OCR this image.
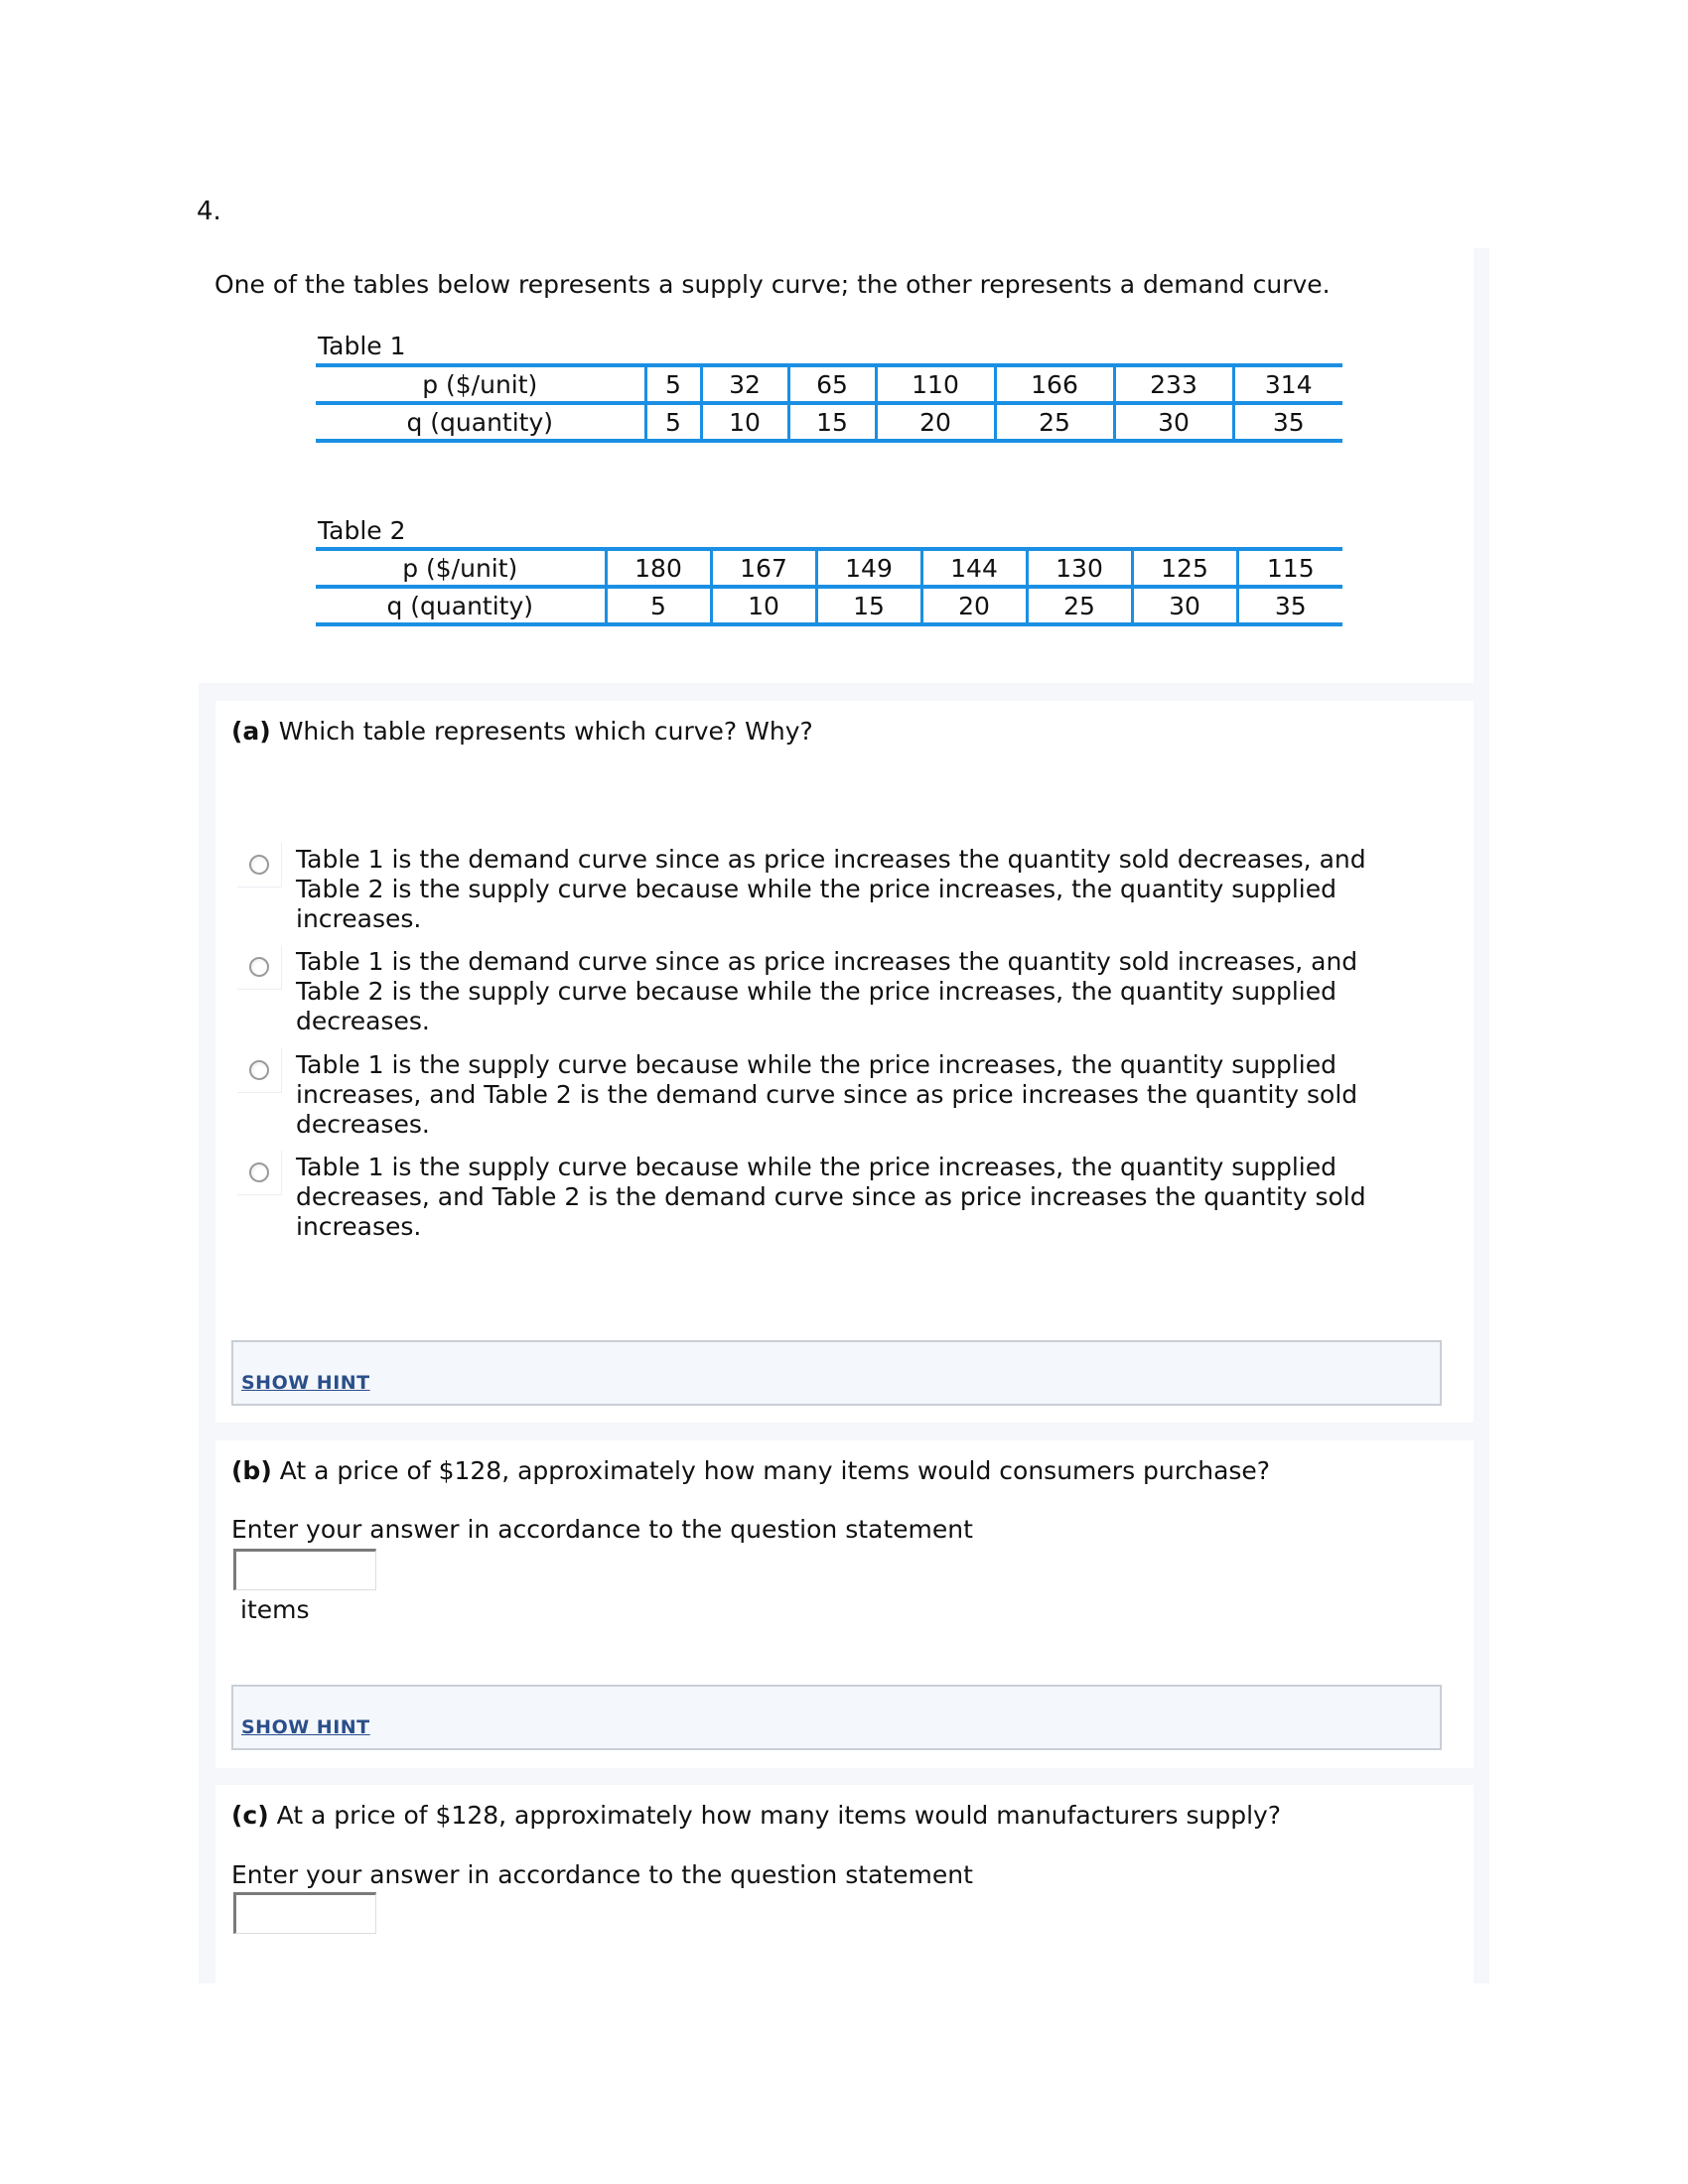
4.
One of the tables below represents a supply curve; the other represents a demand curve.
Table 1
p ($/unit)	5	32	65	110	166	233	314
q (quantity)	5	10	15	20	25	30	35
Table 2
p ($/unit)	180	167	149	144	130	125	115
q (quantity)	5	10	15	20	25	30	35
(a) Which table represents which curve? Why?
Table 1 is the demand curve since as price increases the quantity sold decreases, and Table 2 is the supply curve because while the price increases, the quantity supplied increases.
Table 1 is the demand curve since as price increases the quantity sold increases, and Table 2 is the supply curve because while the price increases, the quantity supplied decreases.
Table 1 is the supply curve because while the price increases, the quantity supplied increases, and Table 2 is the demand curve since as price increases the quantity sold decreases.
Table 1 is the supply curve because while the price increases, the quantity supplied decreases, and Table 2 is the demand curve since as price increases the quantity sold increases.
SHOW HINT
(b) At a price of $128, approximately how many items would consumers purchase?
Enter your answer in accordance to the question statement
items
SHOW HINT
(c) At a price of $128, approximately how many items would manufacturers supply?
Enter your answer in accordance to the question statement
